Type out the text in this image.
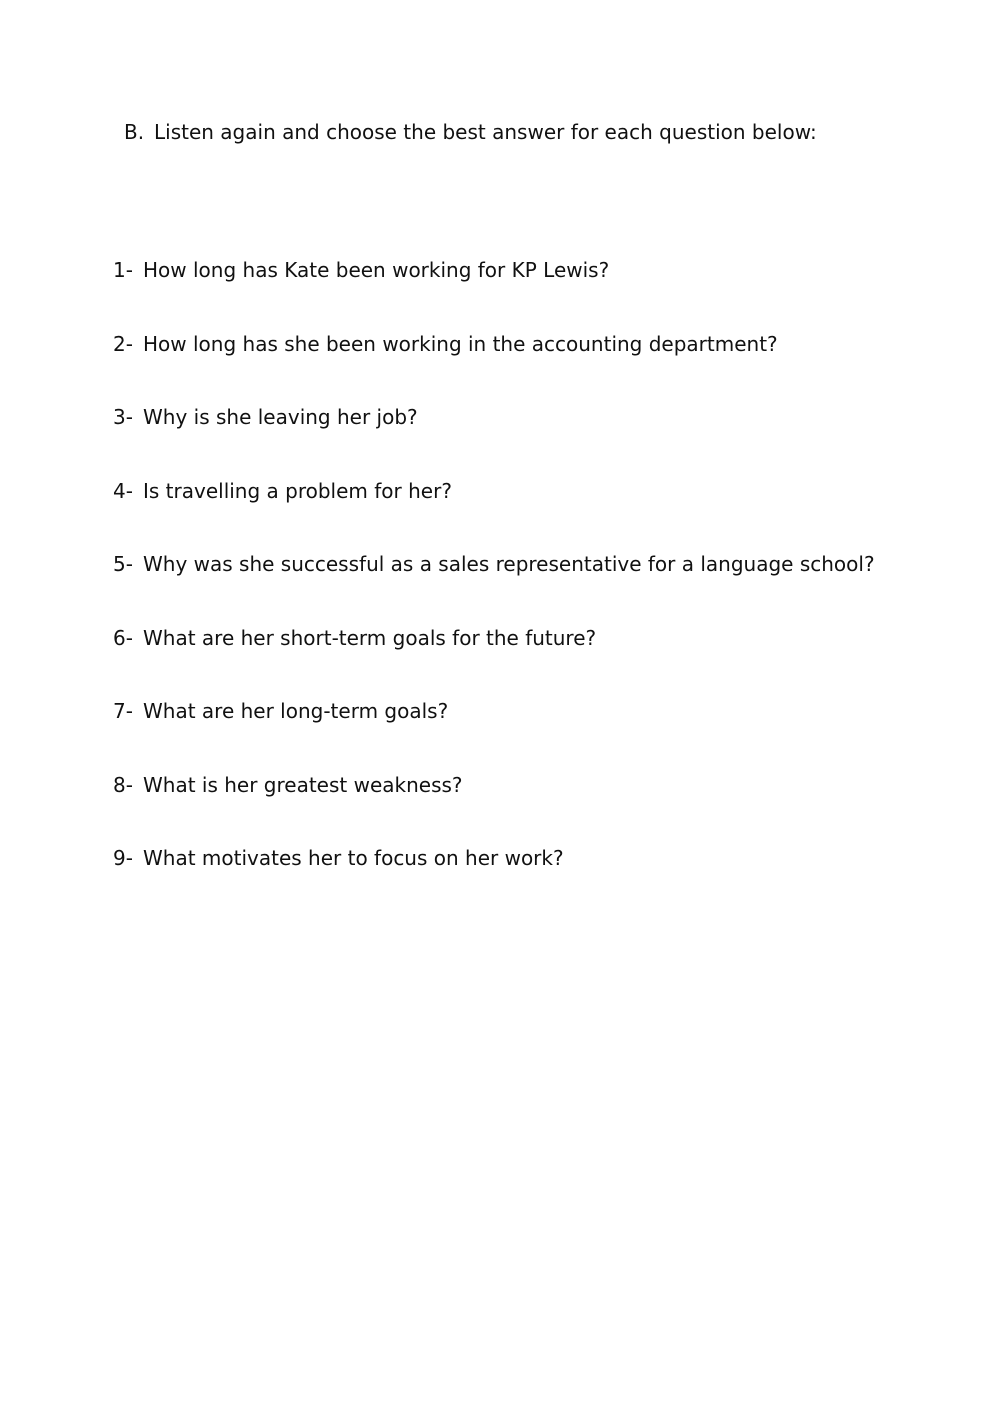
B. Listen again and choose the best answer for each question below:
1- How long has Kate been working for KP Lewis?
2- How long has she been working in the accounting department?
3- Why is she leaving her job?
4- Is travelling a problem for her?
5- Why was she successful as a sales representative for a language school?
6- What are her short-term goals for the future?
7- What are her long-term goals?
8- What is her greatest weakness?
9- What motivates her to focus on her work?
